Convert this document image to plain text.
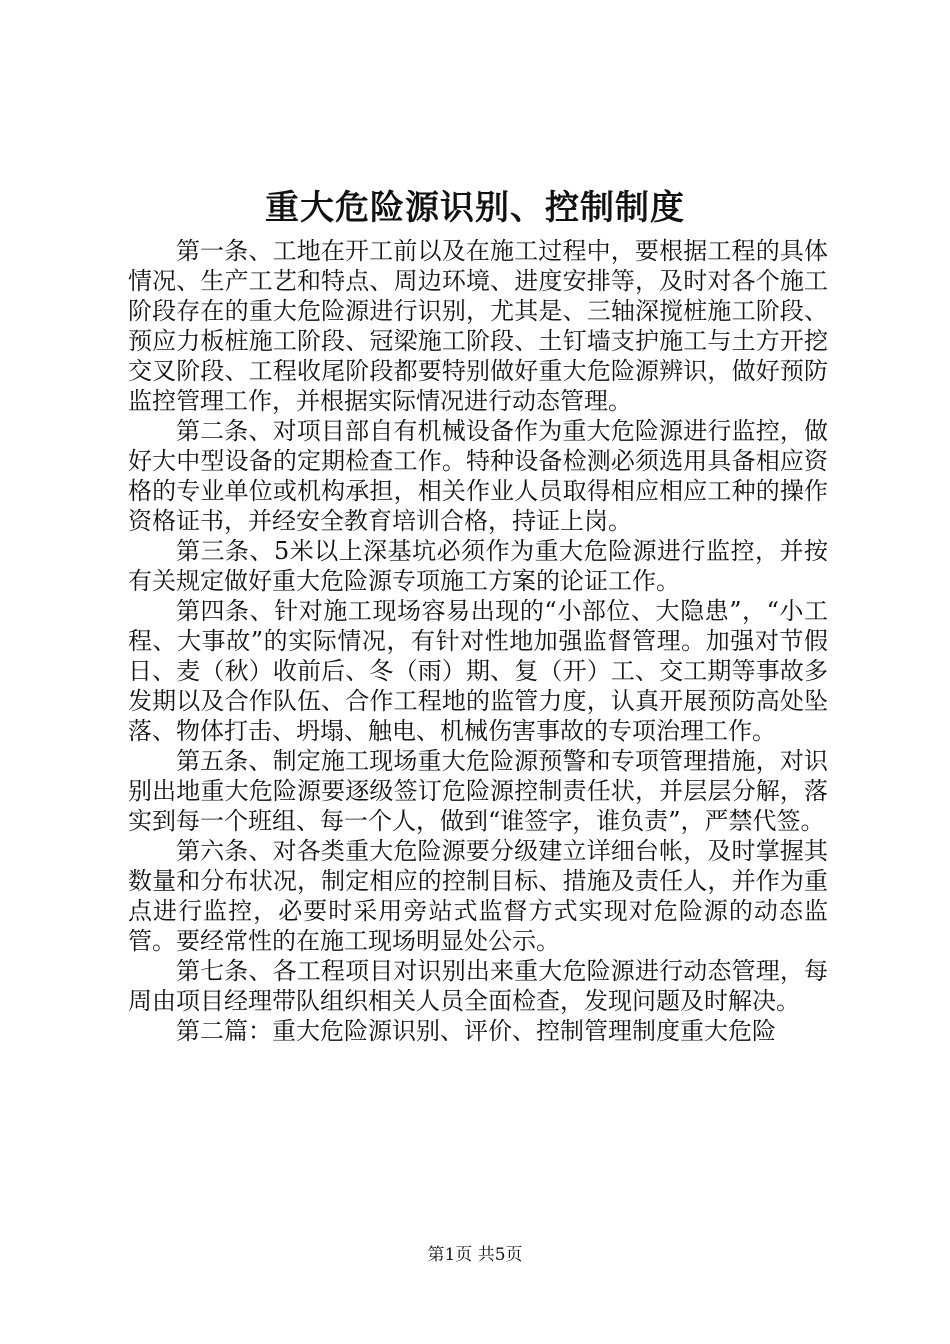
重大危险源识别、控制制度

第一条、工地在开工前以及在施工过程中，要根据工程的具体情况、生产工艺和特点、周边环境、进度安排等，及时对各个施工阶段存在的重大危险源进行识别，尤其是、三轴深搅桩施工阶段、预应力板桩施工阶段、冠梁施工阶段、土钉墙支护施工与土方开挖交叉阶段、工程收尾阶段都要特别做好重大危险源辨识，做好预防监控管理工作，并根据实际情况进行动态管理。

第二条、对项目部自有机械设备作为重大危险源进行监控，做好大中型设备的定期检查工作。特种设备检测必须选用具备相应资格的专业单位或机构承担，相关作业人员取得相应相应工种的操作资格证书，并经安全教育培训合格，持证上岗。

第三条、5米以上深基坑必须作为重大危险源进行监控，并按有关规定做好重大危险源专项施工方案的论证工作。

第四条、针对施工现场容易出现的“小部位、大隐患”，“小工程、大事故”的实际情况，有针对性地加强监督管理。加强对节假日、麦（秋）收前后、冬（雨）期、复（开）工、交工期等事故多发期以及合作队伍、合作工程地的监管力度，认真开展预防高处坠落、物体打击、坍塌、触电、机械伤害事故的专项治理工作。

第五条、制定施工现场重大危险源预警和专项管理措施，对识别出地重大危险源要逐级签订危险源控制责任状，并层层分解，落实到每一个班组、每一个人，做到“谁签字，谁负责”，严禁代签。

第六条、对各类重大危险源要分级建立详细台帐，及时掌握其数量和分布状况，制定相应的控制目标、措施及责任人，并作为重点进行监控，必要时采用旁站式监督方式实现对危险源的动态监管。要经常性的在施工现场明显处公示。

第七条、各工程项目对识别出来重大危险源进行动态管理，每周由项目经理带队组织相关人员全面检查，发现问题及时解决。

第二篇：重大危险源识别、评价、控制管理制度重大危险

第1页 共5页
